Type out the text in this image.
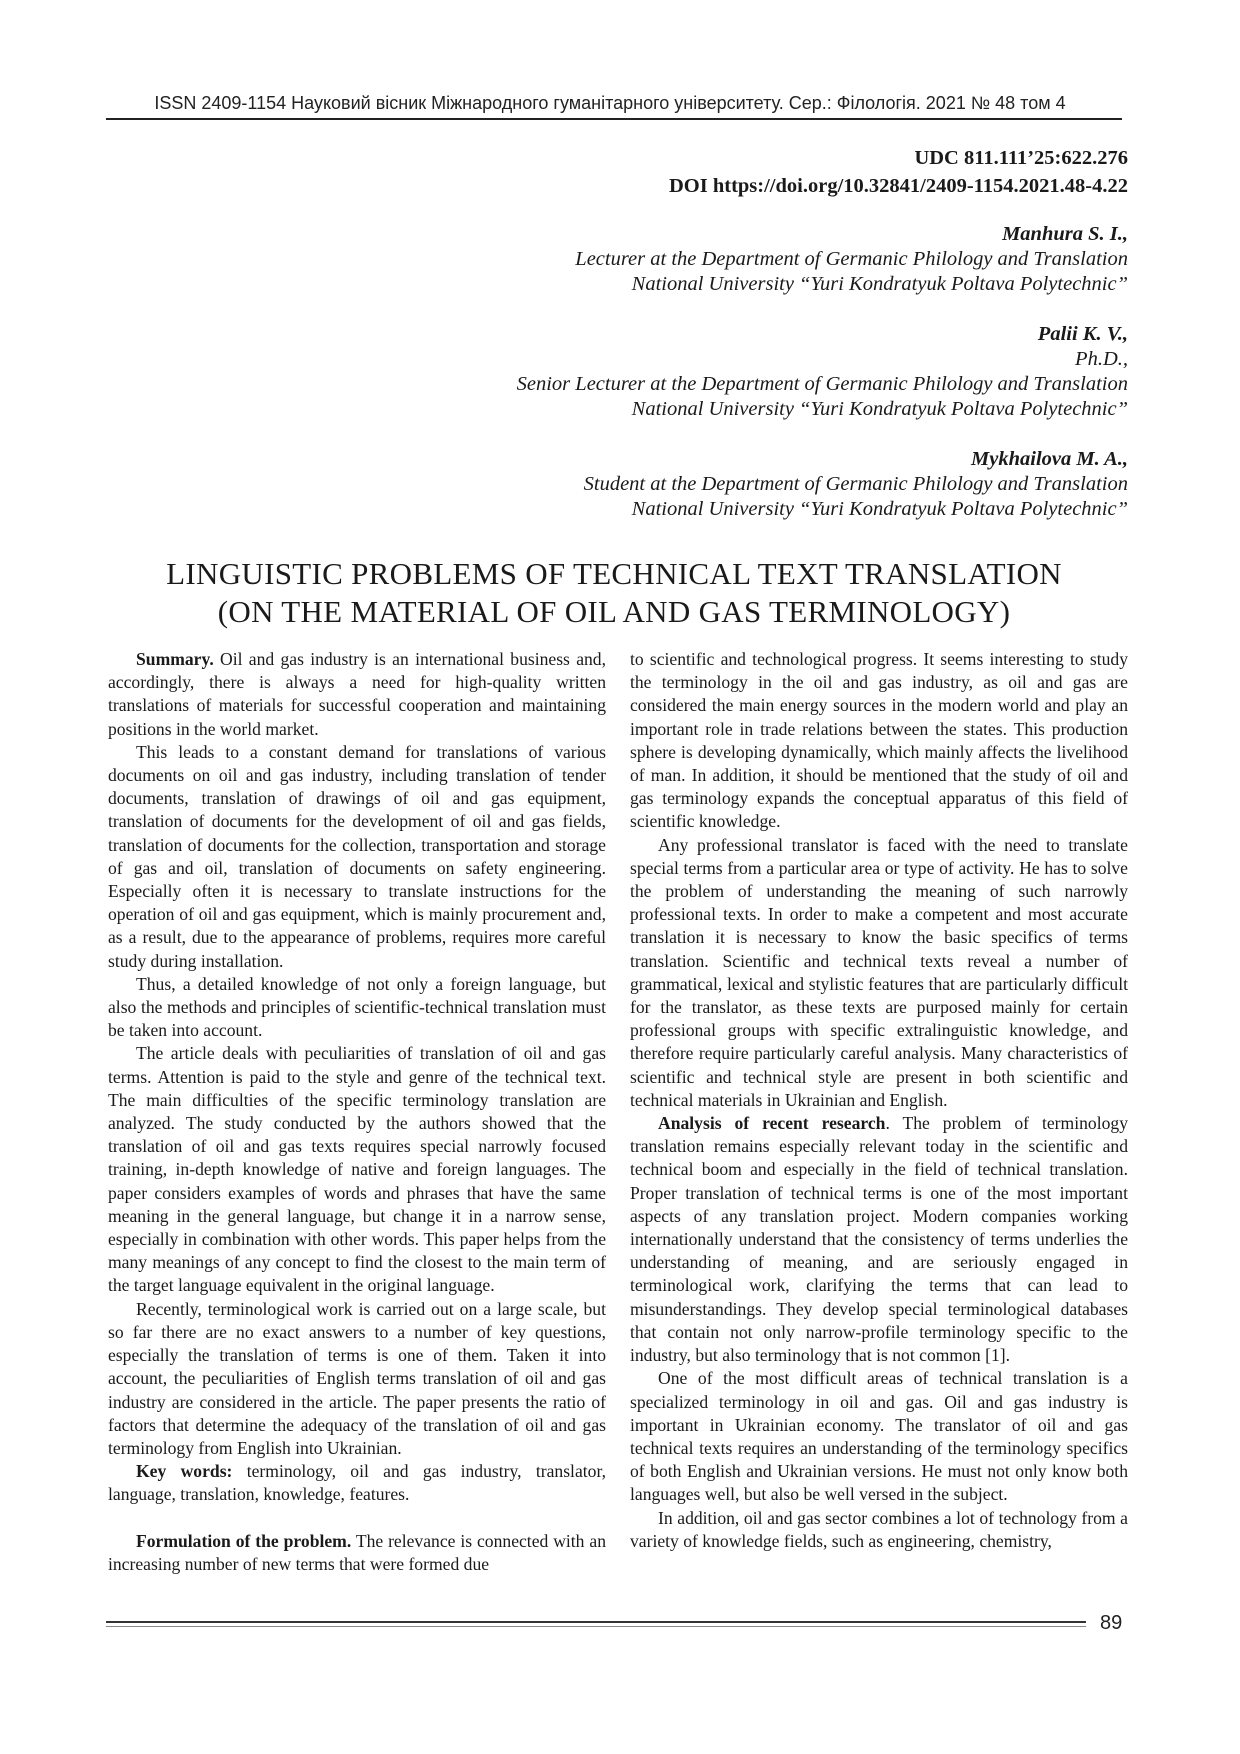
ISSN 2409-1154 Науковий вісник Міжнародного гуманітарного університету. Сер.: Філологія. 2021 № 48 том 4
UDC 811.111’25:622.276
DOI https://doi.org/10.32841/2409-1154.2021.48-4.22
Manhura S. I.,
Lecturer at the Department of Germanic Philology and Translation
National University “Yuri Kondratyuk Poltava Polytechnic”
Palii K. V.,
Ph.D.,
Senior Lecturer at the Department of Germanic Philology and Translation
National University “Yuri Kondratyuk Poltava Polytechnic”
Mykhailova M. A.,
Student at the Department of Germanic Philology and Translation
National University “Yuri Kondratyuk Poltava Polytechnic”
LINGUISTIC PROBLEMS OF TECHNICAL TEXT TRANSLATION
(ON THE MATERIAL OF OIL AND GAS TERMINOLOGY)

Summary. Oil and gas industry is an international business and, accordingly, there is always a need for high-quality written translations of materials for successful cooperation and maintaining positions in the world market.

This leads to a constant demand for translations of various documents on oil and gas industry, including translation of tender documents, translation of drawings of oil and gas equipment, translation of documents for the development of oil and gas fields, translation of documents for the collection, transportation and storage of gas and oil, translation of documents on safety engineering. Especially often it is necessary to translate instructions for the operation of oil and gas equipment, which is mainly procurement and, as a result, due to the appearance of problems, requires more careful study during installation.

Thus, a detailed knowledge of not only a foreign language, but also the methods and principles of scientific-technical translation must be taken into account.

The article deals with peculiarities of translation of oil and gas terms. Attention is paid to the style and genre of the technical text. The main difficulties of the specific terminology translation are analyzed. The study conducted by the authors showed that the translation of oil and gas texts requires special narrowly focused training, in-depth knowledge of native and foreign languages. The paper considers examples of words and phrases that have the same meaning in the general language, but change it in a narrow sense, especially in combination with other words. This paper helps from the many meanings of any concept to find the closest to the main term of the target language equivalent in the original language.

Recently, terminological work is carried out on a large scale, but so far there are no exact answers to a number of key questions, especially the translation of terms is one of them. Taken it into account, the peculiarities of English terms translation of oil and gas industry are considered in the article. The paper presents the ratio of factors that determine the adequacy of the translation of oil and gas terminology from English into Ukrainian.

Key words: terminology, oil and gas industry, translator, language, translation, knowledge, features.

Formulation of the problem. The relevance is connected with an increasing number of new terms that were formed due

to scientific and technological progress. It seems interesting to study the terminology in the oil and gas industry, as oil and gas are considered the main energy sources in the modern world and play an important role in trade relations between the states. This production sphere is developing dynamically, which mainly affects the livelihood of man. In addition, it should be mentioned that the study of oil and gas terminology expands the conceptual apparatus of this field of scientific knowledge.

Any professional translator is faced with the need to translate special terms from a particular area or type of activity. He has to solve the problem of understanding the meaning of such narrowly professional texts. In order to make a competent and most accurate translation it is necessary to know the basic specifics of terms translation. Scientific and technical texts reveal a number of grammatical, lexical and stylistic features that are particularly difficult for the translator, as these texts are purposed mainly for certain professional groups with specific extralinguistic knowledge, and therefore require particularly careful analysis. Many characteristics of scientific and technical style are present in both scientific and technical materials in Ukrainian and English.

Analysis of recent research. The problem of terminology translation remains especially relevant today in the scientific and technical boom and especially in the field of technical translation. Proper translation of technical terms is one of the most important aspects of any translation project. Modern companies working internationally understand that the consistency of terms underlies the understanding of meaning, and are seriously engaged in terminological work, clarifying the terms that can lead to misunderstandings. They develop special terminological databases that contain not only narrow-profile terminology specific to the industry, but also terminology that is not common [1].

One of the most difficult areas of technical translation is a specialized terminology in oil and gas. Oil and gas industry is important in Ukrainian economy. The translator of oil and gas technical texts requires an understanding of the terminology specifics of both English and Ukrainian versions. He must not only know both languages well, but also be well versed in the subject.

In addition, oil and gas sector combines a lot of technology from a variety of knowledge fields, such as engineering, chemistry,

89
